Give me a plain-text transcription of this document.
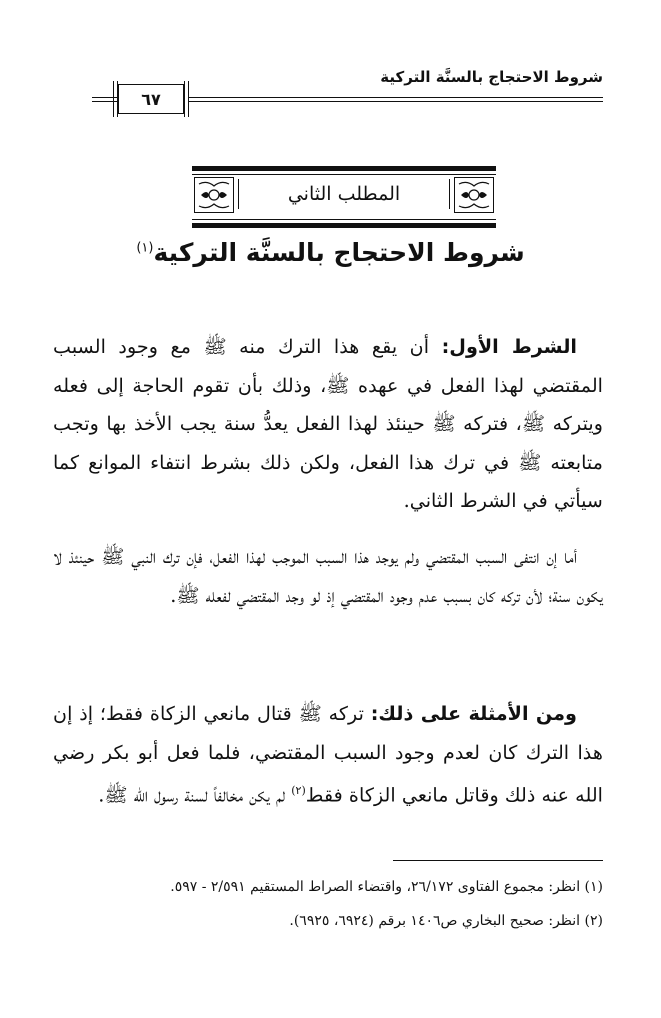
شروط الاحتجاج بالسنَّة التركية
٦٧
المطلب الثاني
شروط الاحتجاج بالسنَّة التركية$^{(١)}$

الشرط الأول: أن يقع هذا الترك منه ﷺ مع وجود السبب المقتضي لهذا الفعل في عهده ﷺ، وذلك بأن تقوم الحاجة إلى فعله ويتركه ﷺ، فتركه ﷺ حينئذ لهذا الفعل يعدُّ سنة يجب الأخذ بها وتجب متابعته ﷺ في ترك هذا الفعل، ولكن ذلك بشرط انتفاء الموانع كما سيأتي في الشرط الثاني.

أما إن انتفى السبب المقتضي ولم يوجد هذا السبب الموجب لهذا الفعل، فإن ترك النبي ﷺ حينئذ لا يكون سنة؛ لأن تركه كان بسبب عدم وجود المقتضي إذ لو وجد المقتضي لفعله ﷺ.

ومن الأمثلة على ذلك: تركه ﷺ قتال مانعي الزكاة فقط؛ إذ إن هذا الترك كان لعدم وجود السبب المقتضي، فلما فعل أبو بكر رضي الله عنه ذلك وقاتل مانعي الزكاة فقط$^{(٢)}$ لم يكن مخالفاً لسنة رسول الله ﷺ.

(١) انظر: مجموع الفتاوى ٢٦/١٧٢، واقتضاء الصراط المستقيم ٢/٥٩١ - ٥٩٧.

(٢) انظر: صحيح البخاري ص١٤٠٦ برقم (٦٩٢٤، ٦٩٢٥).
